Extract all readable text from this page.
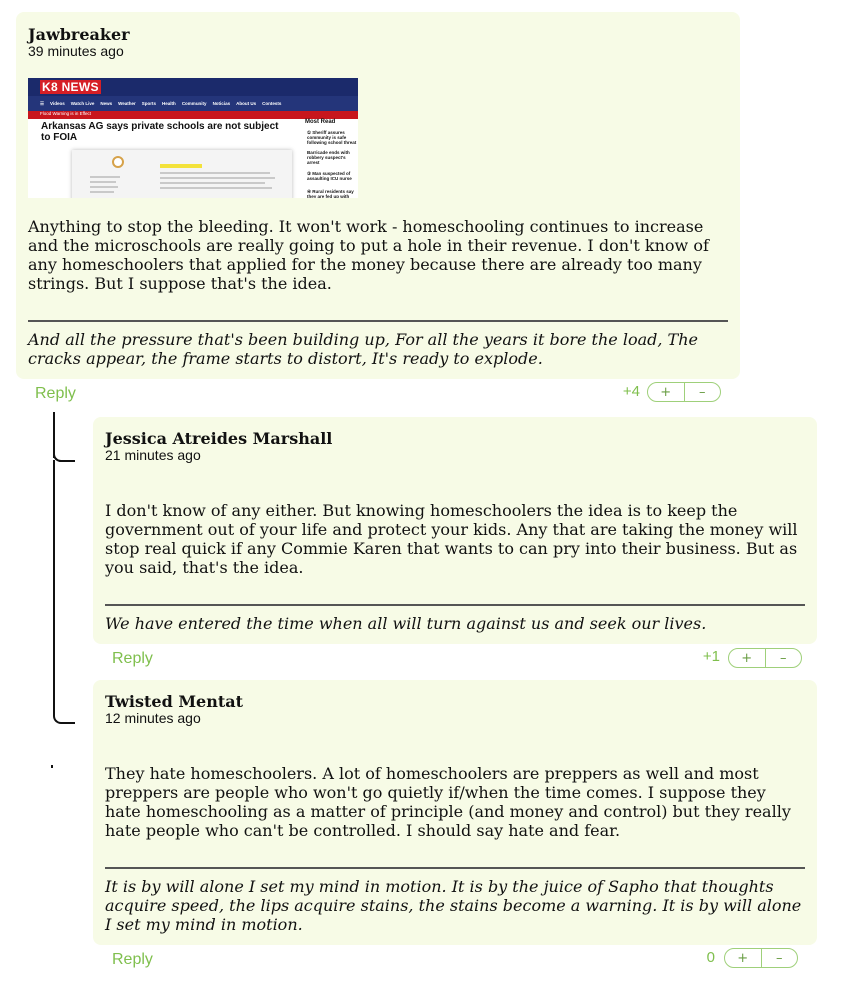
Jawbreaker
39 minutes ago
K8 NEWS
☰ Videos Watch Live News Weather Sports Health Community Noticias About Us Contests
Flood Warning is in Effect
Arkansas AG says private schools are not subject to FOIA
Most Read
① Sheriff assures community is safe following school threat
Barricade ends with robbery suspect's arrest
③ Man suspected of assaulting ICU nurse
④ Rural residents say they are fed up with

Anything to stop the bleeding. It won't work - homeschooling continues to increase and the microschools are really going to put a hole in their revenue. I don't know of any homeschoolers that applied for the money because there are already too many strings. But I suppose that's the idea.

And all the pressure that's been building up, For all the years it bore the load, The cracks appear, the frame starts to distort, It's ready to explode.

Reply	+4	+	–
Jessica Atreides Marshall
21 minutes ago

I don't know of any either. But knowing homeschoolers the idea is to keep the government out of your life and protect your kids. Any that are taking the money will stop real quick if any Commie Karen that wants to can pry into their business. But as you said, that's the idea.

We have entered the time when all will turn against us and seek our lives.

Reply	+1	+	–
Twisted Mentat
12 minutes ago

They hate homeschoolers. A lot of homeschoolers are preppers as well and most preppers are people who won't go quietly if/when the time comes. I suppose they hate homeschooling as a matter of principle (and money and control) but they really hate people who can't be controlled. I should say hate and fear.

It is by will alone I set my mind in motion. It is by the juice of Sapho that thoughts acquire speed, the lips acquire stains, the stains become a warning. It is by will alone I set my mind in motion.

Reply	0	+	–
